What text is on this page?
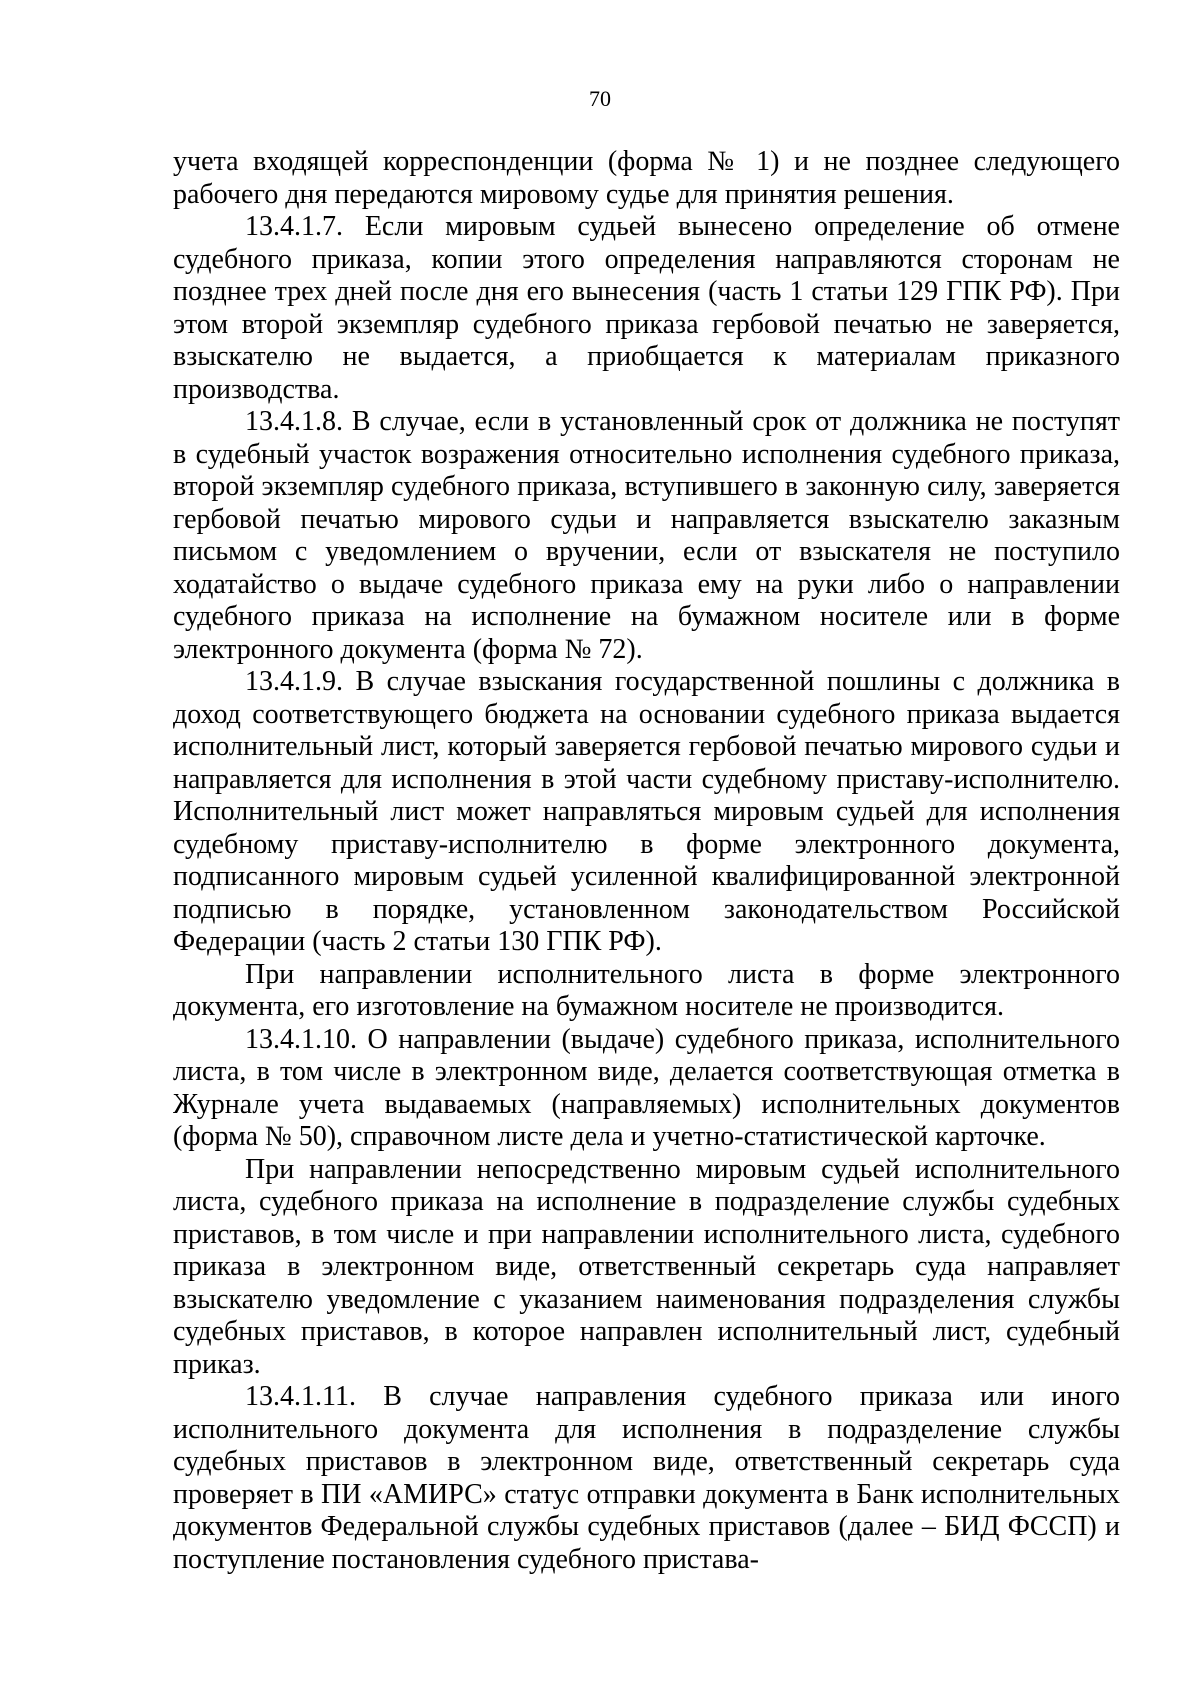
70

учета входящей корреспонденции (форма № 1) и не позднее следующего рабочего дня передаются мировому судье для принятия решения.

13.4.1.7. Если мировым судьей вынесено определение об отмене судебного приказа, копии этого определения направляются сторонам не позднее трех дней после дня его вынесения (часть 1 статьи 129 ГПК РФ). При этом второй экземпляр судебного приказа гербовой печатью не заверяется, взыскателю не выдается, а приобщается к материалам приказного производства.

13.4.1.8. В случае, если в установленный срок от должника не поступят в судебный участок возражения относительно исполнения судебного приказа, второй экземпляр судебного приказа, вступившего в законную силу, заверяется гербовой печатью мирового судьи и направляется взыскателю заказным письмом с уведомлением о вручении, если от взыскателя не поступило ходатайство о выдаче судебного приказа ему на руки либо о направлении судебного приказа на исполнение на бумажном носителе или в форме электронного документа (форма № 72).

13.4.1.9. В случае взыскания государственной пошлины с должника в доход соответствующего бюджета на основании судебного приказа выдается исполнительный лист, который заверяется гербовой печатью мирового судьи и направляется для исполнения в этой части судебному приставу-исполнителю. Исполнительный лист может направляться мировым судьей для исполнения судебному приставу-исполнителю в форме электронного документа, подписанного мировым судьей усиленной квалифицированной электронной подписью в порядке, установленном законодательством Российской Федерации (часть 2 статьи 130 ГПК РФ).

При направлении исполнительного листа в форме электронного документа, его изготовление на бумажном носителе не производится.

13.4.1.10. О направлении (выдаче) судебного приказа, исполнительного листа, в том числе в электронном виде, делается соответствующая отметка в Журнале учета выдаваемых (направляемых) исполнительных документов (форма № 50), справочном листе дела и учетно-статистической карточке.

При направлении непосредственно мировым судьей исполнительного листа, судебного приказа на исполнение в подразделение службы судебных приставов, в том числе и при направлении исполнительного листа, судебного приказа в электронном виде, ответственный секретарь суда направляет взыскателю уведомление с указанием наименования подразделения службы судебных приставов, в которое направлен исполнительный лист, судебный приказ.

13.4.1.11. В случае направления судебного приказа или иного исполнительного документа для исполнения в подразделение службы судебных приставов в электронном виде, ответственный секретарь суда проверяет в ПИ «АМИРС» статус отправки документа в Банк исполнительных документов Федеральной службы судебных приставов (далее – БИД ФССП) и поступление постановления судебного пристава-
